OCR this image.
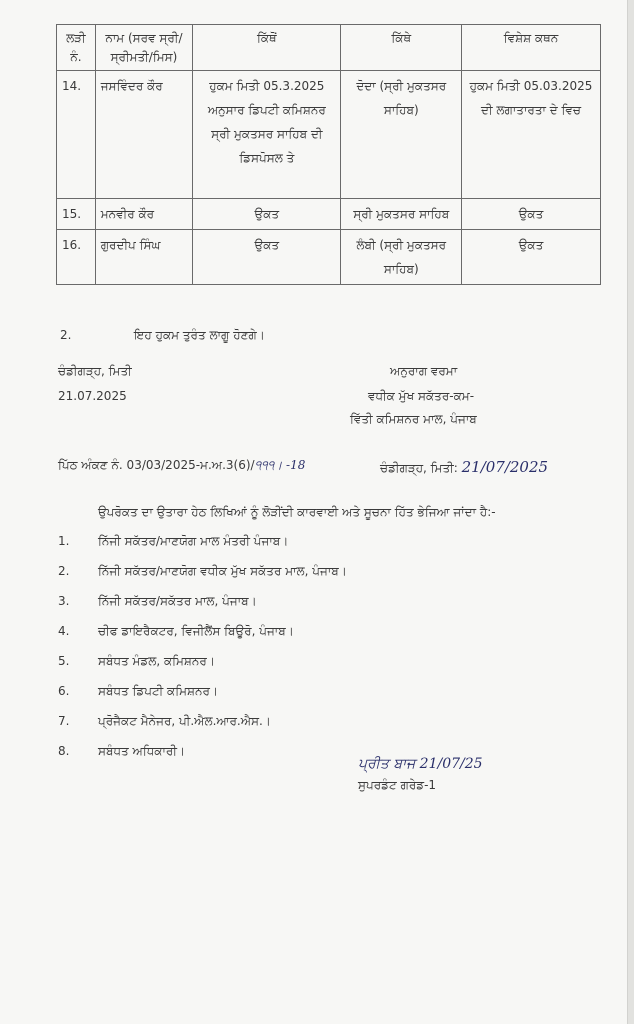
ਲੜੀ ਨੰ.	ਨਾਮ (ਸਰਵ ਸ੍ਰੀ/ਸ੍ਰੀਮਤੀ/ਮਿਸ)	ਕਿੱਥੋਂ	ਕਿੱਥੇ	ਵਿਸ਼ੇਸ਼ ਕਥਨ
14.	ਜਸਵਿੰਦਰ ਕੌਰ	ਹੁਕਮ ਮਿਤੀ 05.3.2025 ਅਨੁਸਾਰ ਡਿਪਟੀ ਕਮਿਸ਼ਨਰ ਸ੍ਰੀ ਮੁਕਤਸਰ ਸਾਹਿਬ ਦੀ ਡਿਸਪੋਸਲ ਤੇ	ਦੋਦਾ (ਸ੍ਰੀ ਮੁਕਤਸਰ ਸਾਹਿਬ)	ਹੁਕਮ ਮਿਤੀ 05.03.2025 ਦੀ ਲਗਾਤਾਰਤਾ ਦੇ ਵਿਚ
15.	ਮਨਵੀਰ ਕੌਰ	ਉਕਤ	ਸ੍ਰੀ ਮੁਕਤਸਰ ਸਾਹਿਬ	ਉਕਤ
16.	ਗੁਰਦੀਪ ਸਿੰਘ	ਉਕਤ	ਲੰਬੀ (ਸ੍ਰੀ ਮੁਕਤਸਰ ਸਾਹਿਬ)	ਉਕਤ
2.	ਇਹ ਹੁਕਮ ਤੁਰੰਤ ਲਾਗੂ ਹੋਣਗੇ।
ਚੰਡੀਗੜ੍ਹ, ਮਿਤੀ
21.07.2025
ਅਨੁਰਾਗ ਵਰਮਾ
ਵਧੀਕ ਮੁੱਖ ਸਕੱਤਰ-ਕਮ-
ਵਿੱਤੀ ਕਮਿਸ਼ਨਰ ਮਾਲ, ਪੰਜਾਬ
ਪਿੱਠ ਅੰਕਣ ਨੰ. 03/03/2025-ਮ.ਅ.3(6)/੧੧੧। -18	ਚੰਡੀਗੜ੍ਹ, ਮਿਤੀ: 21/07/2025
ਉਪਰੋਕਤ ਦਾ ਉਤਾਰਾ ਹੇਠ ਲਿਖਿਆਂ ਨੂੰ ਲੋੜੀਂਦੀ ਕਾਰਵਾਈ ਅਤੇ ਸੂਚਨਾ ਹਿੱਤ ਭੇਜਿਆ ਜਾਂਦਾ ਹੈ:-
1.	ਨਿੱਜੀ ਸਕੱਤਰ/ਮਾਣਯੋਗ ਮਾਲ ਮੰਤਰੀ ਪੰਜਾਬ।
2.	ਨਿੱਜੀ ਸਕੱਤਰ/ਮਾਣਯੋਗ ਵਧੀਕ ਮੁੱਖ ਸਕੱਤਰ ਮਾਲ, ਪੰਜਾਬ।
3.	ਨਿੱਜੀ ਸਕੱਤਰ/ਸਕੱਤਰ ਮਾਲ, ਪੰਜਾਬ।
4.	ਚੀਫ ਡਾਇਰੈਕਟਰ, ਵਿਜੀਲੈਂਸ ਬਿਊਰੋ, ਪੰਜਾਬ।
5.	ਸਬੰਧਤ ਮੰਡਲ, ਕਮਿਸ਼ਨਰ।
6.	ਸਬੰਧਤ ਡਿਪਟੀ ਕਮਿਸ਼ਨਰ।
7.	ਪ੍ਰੋਜੈਕਟ ਮੈਨੇਜਰ, ਪੀ.ਐਲ.ਆਰ.ਐਸ.।
8.	ਸਬੰਧਤ ਅਧਿਕਾਰੀ।
ਪ੍ਰੀਤ ਬਾਜ 21/07/25
ਸੁਪਰਡੰਟ ਗਰੇਡ-1
